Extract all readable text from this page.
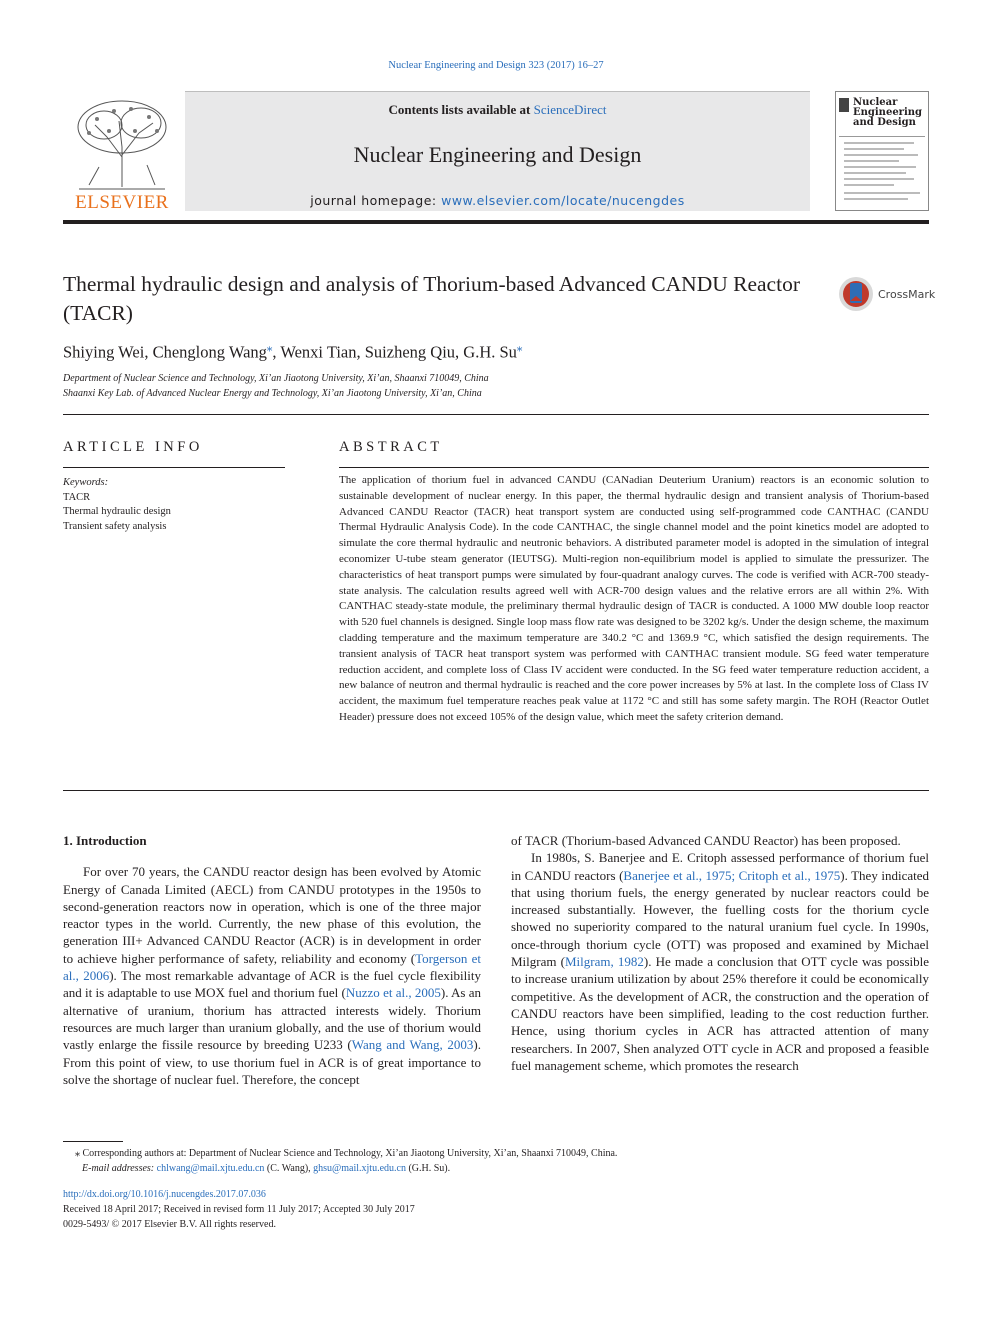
Nuclear Engineering and Design 323 (2017) 16–27
ELSEVIER
Contents lists available at ScienceDirect
Nuclear Engineering and Design
journal homepage: www.elsevier.com/locate/nucengdes
Nuclear Engineering and Design
Thermal hydraulic design and analysis of Thorium-based Advanced CANDU Reactor (TACR)
CrossMark
Shiying Wei, Chenglong Wang⁎, Wenxi Tian, Suizheng Qiu, G.H. Su⁎
Department of Nuclear Science and Technology, Xi’an Jiaotong University, Xi’an, Shaanxi 710049, China
Shaanxi Key Lab. of Advanced Nuclear Energy and Technology, Xi’an Jiaotong University, Xi’an, China
ARTICLE INFO	ABSTRACT
Keywords:
TACR
Thermal hydraulic design
Transient safety analysis
The application of thorium fuel in advanced CANDU (CANadian Deuterium Uranium) reactors is an economic solution to sustainable development of nuclear energy. In this paper, the thermal hydraulic design and transient analysis of Thorium-based Advanced CANDU Reactor (TACR) heat transport system are conducted using self-programmed code CANTHAC (CANDU Thermal Hydraulic Analysis Code). In the code CANTHAC, the single channel model and the point kinetics model are adopted to simulate the core thermal hydraulic and neutronic behaviors. A distributed parameter model is adopted in the simulation of integral economizer U-tube steam generator (IEUTSG). Multi-region non-equilibrium model is applied to simulate the pressurizer. The characteristics of heat transport pumps were simulated by four-quadrant analogy curves. The code is verified with ACR-700 steady-state analysis. The calculation results agreed well with ACR-700 design values and the relative errors are all within 2%. With CANTHAC steady-state module, the preliminary thermal hydraulic design of TACR is conducted. A 1000 MW double loop reactor with 520 fuel channels is designed. Single loop mass flow rate was designed to be 3202 kg/s. Under the design scheme, the maximum cladding temperature and the maximum temperature are 340.2 °C and 1369.9 °C, which satisfied the design requirements. The transient analysis of TACR heat transport system was performed with CANTHAC transient module. SG feed water temperature reduction accident, and complete loss of Class IV accident were conducted. In the SG feed water temperature reduction accident, a new balance of neutron and thermal hydraulic is reached and the core power increases by 5% at last. In the complete loss of Class IV accident, the maximum fuel temperature reaches peak value at 1172 °C and still has some safety margin. The ROH (Reactor Outlet Header) pressure does not exceed 105% of the design value, which meet the safety criterion demand.

1. Introduction

For over 70 years, the CANDU reactor design has been evolved by Atomic Energy of Canada Limited (AECL) from CANDU prototypes in the 1950s to second-generation reactors now in operation, which is one of the three major reactor types in the world. Currently, the new phase of this evolution, the generation III+ Advanced CANDU Reactor (ACR) is in development in order to achieve higher performance of safety, reliability and economy (Torgerson et al., 2006). The most remarkable advantage of ACR is the fuel cycle flexibility and it is adaptable to use MOX fuel and thorium fuel (Nuzzo et al., 2005). As an alternative of uranium, thorium has attracted interests widely. Thorium resources are much larger than uranium globally, and the use of thorium would vastly enlarge the fissile resource by breeding U233 (Wang and Wang, 2003). From this point of view, to use thorium fuel in ACR is of great importance to solve the shortage of nuclear fuel. Therefore, the concept

of TACR (Thorium-based Advanced CANDU Reactor) has been proposed.

In 1980s, S. Banerjee and E. Critoph assessed performance of thorium fuel in CANDU reactors (Banerjee et al., 1975; Critoph et al., 1975). They indicated that using thorium fuels, the energy generated by nuclear reactors could be increased substantially. However, the fuelling costs for the thorium cycle showed no superiority compared to the natural uranium fuel cycle. In 1990s, once-through thorium cycle (OTT) was proposed and examined by Michael Milgram (Milgram, 1982). He made a conclusion that OTT cycle was possible to increase uranium utilization by about 25% therefore it could be economically competitive. As the development of ACR, the construction and the operation of CANDU reactors have been simplified, leading to the cost reduction further. Hence, using thorium cycles in ACR has attracted attention of many researchers. In 2007, Shen analyzed OTT cycle in ACR and proposed a feasible fuel management scheme, which promotes the research

⁎ Corresponding authors at: Department of Nuclear Science and Technology, Xi’an Jiaotong University, Xi’an, Shaanxi 710049, China.
E-mail addresses: chlwang@mail.xjtu.edu.cn (C. Wang), ghsu@mail.xjtu.edu.cn (G.H. Su).
http://dx.doi.org/10.1016/j.nucengdes.2017.07.036
Received 18 April 2017; Received in revised form 11 July 2017; Accepted 30 July 2017
0029-5493/ © 2017 Elsevier B.V. All rights reserved.
